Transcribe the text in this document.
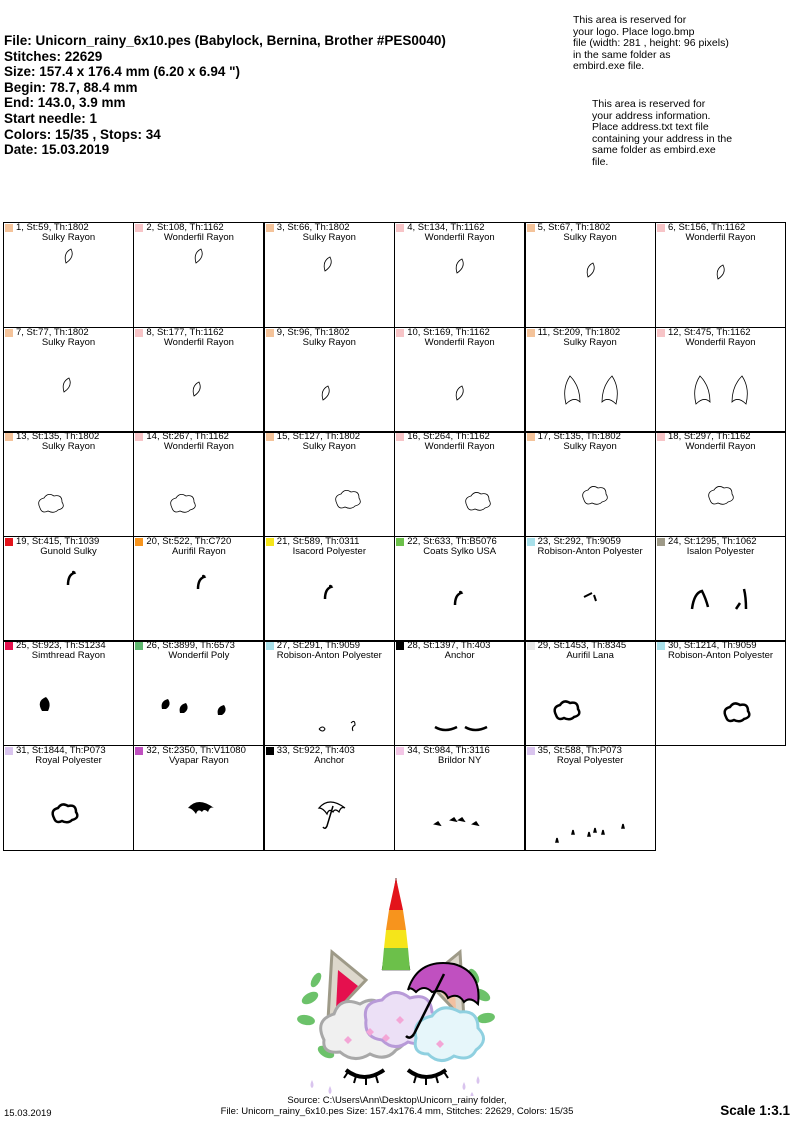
File: Unicorn_rainy_6x10.pes (Babylock, Bernina, Brother #PES0040)
Stitches: 22629
Size: 157.4 x 176.4 mm (6.20 x 6.94 ")
Begin: 78.7, 88.4 mm
End: 143.0, 3.9 mm
Start needle: 1
Colors: 15/35 , Stops: 34
Date: 15.03.2019
This area is reserved for
your logo. Place logo.bmp
file (width: 281 , height: 96 pixels)
in the same folder as
embird.exe file.
This area is reserved for
your address information.
Place address.txt text file
containing your address in the
same folder as embird.exe
file.
1, St:59, Th:1802
Sulky Rayon
2, St:108, Th:1162
Wonderfil Rayon
3, St:66, Th:1802
Sulky Rayon
4, St:134, Th:1162
Wonderfil Rayon
5, St:67, Th:1802
Sulky Rayon
6, St:156, Th:1162
Wonderfil Rayon
7, St:77, Th:1802
Sulky Rayon
8, St:177, Th:1162
Wonderfil Rayon
9, St:96, Th:1802
Sulky Rayon
10, St:169, Th:1162
Wonderfil Rayon
11, St:209, Th:1802
Sulky Rayon
12, St:475, Th:1162
Wonderfil Rayon
13, St:135, Th:1802
Sulky Rayon
14, St:267, Th:1162
Wonderfil Rayon
15, St:127, Th:1802
Sulky Rayon
16, St:264, Th:1162
Wonderfil Rayon
17, St:135, Th:1802
Sulky Rayon
18, St:297, Th:1162
Wonderfil Rayon
19, St:415, Th:1039
Gunold Sulky
20, St:522, Th:C720
Aurifil Rayon
21, St:589, Th:0311
Isacord Polyester
22, St:633, Th:B5076
Coats Sylko USA
23, St:292, Th:9059
Robison-Anton Polyester
24, St:1295, Th:1062
Isalon Polyester
25, St:923, Th:S1234
Simthread Rayon
26, St:3899, Th:6573
Wonderfil Poly
27, St:291, Th:9059
Robison-Anton Polyester
28, St:1397, Th:403
Anchor
29, St:1453, Th:8345
Aurifil Lana
30, St:1214, Th:9059
Robison-Anton Polyester
31, St:1844, Th:P073
Royal Polyester
32, St:2350, Th:V11080
Vyapar Rayon
33, St:922, Th:403
Anchor
34, St:984, Th:3116
Brildor NY
35, St:588, Th:P073
Royal Polyester
Source: C:\Users\Ann\Desktop\Unicorn_rainy folder,
File: Unicorn_rainy_6x10.pes Size: 157.4x176.4 mm, Stitches: 22629, Colors: 15/35
15.03.2019	Scale 1:3.1
